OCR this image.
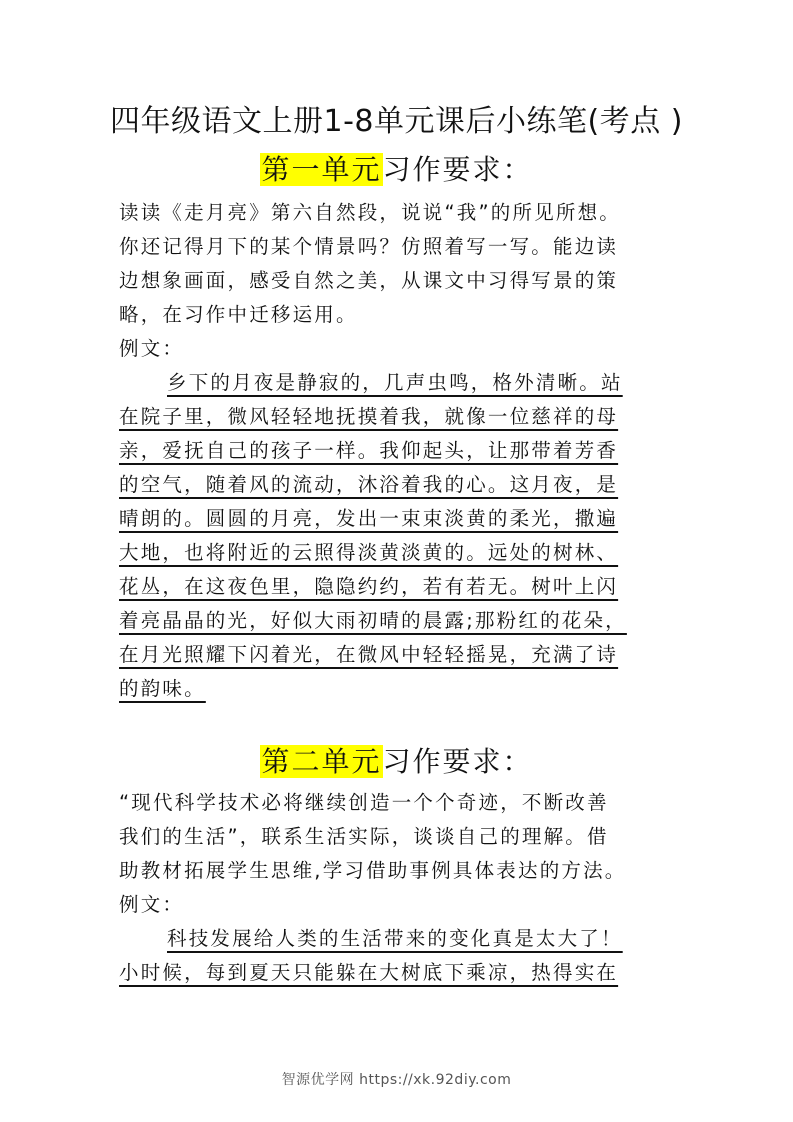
四年级语文上册1-8单元课后小练笔(考点 )
第一单元习作要求：
读读《走月亮》第六自然段，说说“我”的所见所想。
你还记得月下的某个情景吗？仿照着写一写。能边读
边想象画面，感受自然之美，从课文中习得写景的策
略，在习作中迁移运用。
例文：
乡下的月夜是静寂的，几声虫鸣，格外清晰。站
在院子里，微风轻轻地抚摸着我，就像一位慈祥的母
亲，爱抚自己的孩子一样。我仰起头，让那带着芳香
的空气，随着风的流动，沐浴着我的心。这月夜，是
晴朗的。圆圆的月亮，发出一束束淡黄的柔光，撒遍
大地，也将附近的云照得淡黄淡黄的。远处的树林、
花丛，在这夜色里，隐隐约约，若有若无。树叶上闪
着亮晶晶的光，好似大雨初晴的晨露;那粉红的花朵，
在月光照耀下闪着光，在微风中轻轻摇晃，充满了诗
的韵味。
第二单元习作要求：
“现代科学技术必将继续创造一个个奇迹，不断改善
我们的生活”，联系生活实际，谈谈自己的理解。借
助教材拓展学生思维,学习借助事例具体表达的方法。
例文：
科技发展给人类的生活带来的变化真是太大了！
小时候，每到夏天只能躲在大树底下乘凉，热得实在
智源优学网 https://xk.92diy.com
